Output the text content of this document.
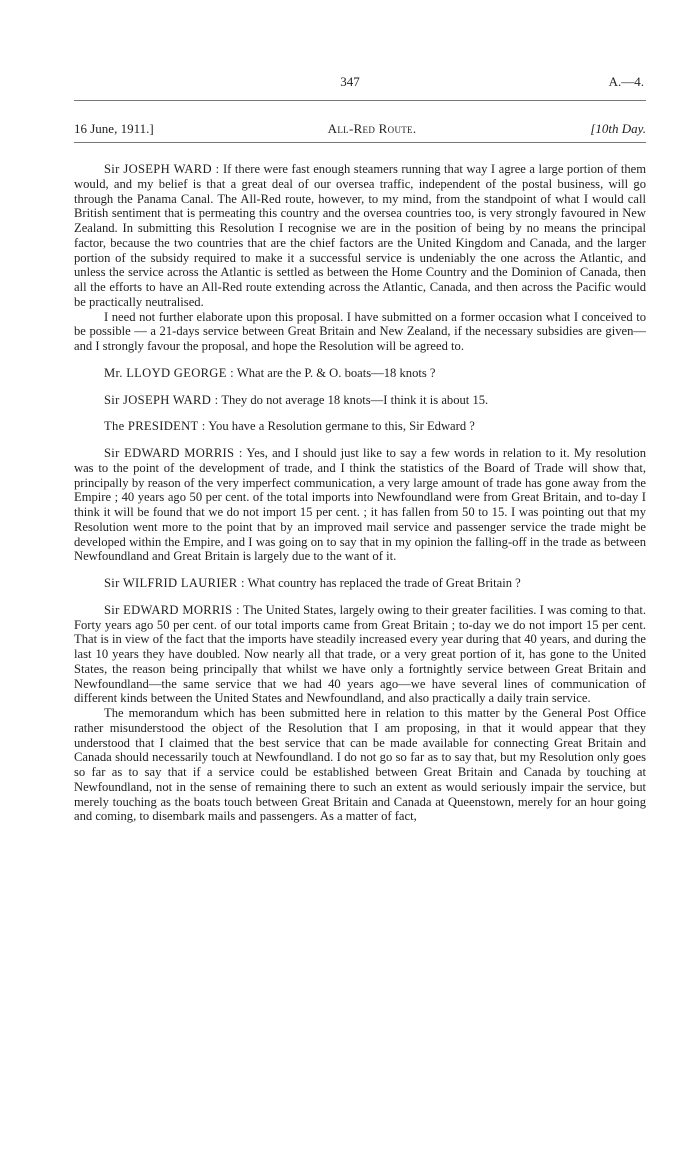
347	A.—4.
16 June, 1911.]	All-Red Route.	[10th Day.

Sir JOSEPH WARD : If there were fast enough steamers running that way I agree a large portion of them would, and my belief is that a great deal of our oversea traffic, independent of the postal business, will go through the Panama Canal. The All-Red route, however, to my mind, from the standpoint of what I would call British sentiment that is permeating this country and the oversea countries too, is very strongly favoured in New Zealand. In submitting this Resolution I recognise we are in the position of being by no means the principal factor, because the two countries that are the chief factors are the United Kingdom and Canada, and the larger portion of the subsidy required to make it a successful service is undeniably the one across the Atlantic, and unless the service across the Atlantic is settled as between the Home Country and the Dominion of Canada, then all the efforts to have an All-Red route extending across the Atlantic, Canada, and then across the Pacific would be practically neutralised.

I need not further elaborate upon this proposal. I have submitted on a former occasion what I conceived to be possible — a 21-days service between Great Britain and New Zealand, if the necessary subsidies are given—and I strongly favour the proposal, and hope the Resolution will be agreed to.

Mr. LLOYD GEORGE : What are the P. & O. boats—18 knots ?

Sir JOSEPH WARD : They do not average 18 knots—I think it is about 15.

The PRESIDENT : You have a Resolution germane to this, Sir Edward ?

Sir EDWARD MORRIS : Yes, and I should just like to say a few words in relation to it. My resolution was to the point of the development of trade, and I think the statistics of the Board of Trade will show that, principally by reason of the very imperfect communication, a very large amount of trade has gone away from the Empire ; 40 years ago 50 per cent. of the total imports into Newfoundland were from Great Britain, and to-day I think it will be found that we do not import 15 per cent. ; it has fallen from 50 to 15. I was pointing out that my Resolution went more to the point that by an improved mail service and passenger service the trade might be developed within the Empire, and I was going on to say that in my opinion the falling-off in the trade as between Newfoundland and Great Britain is largely due to the want of it.

Sir WILFRID LAURIER : What country has replaced the trade of Great Britain ?

Sir EDWARD MORRIS : The United States, largely owing to their greater facilities. I was coming to that. Forty years ago 50 per cent. of our total imports came from Great Britain ; to-day we do not import 15 per cent. That is in view of the fact that the imports have steadily increased every year during that 40 years, and during the last 10 years they have doubled. Now nearly all that trade, or a very great portion of it, has gone to the United States, the reason being principally that whilst we have only a fortnightly service between Great Britain and Newfoundland—the same service that we had 40 years ago—we have several lines of communication of different kinds between the United States and Newfoundland, and also practically a daily train service.

The memorandum which has been submitted here in relation to this matter by the General Post Office rather misunderstood the object of the Resolution that I am proposing, in that it would appear that they understood that I claimed that the best service that can be made available for connecting Great Britain and Canada should necessarily touch at Newfoundland. I do not go so far as to say that, but my Resolution only goes so far as to say that if a service could be established between Great Britain and Canada by touching at Newfoundland, not in the sense of remaining there to such an extent as would seriously impair the service, but merely touching as the boats touch between Great Britain and Canada at Queenstown, merely for an hour going and coming, to disembark mails and passengers. As a matter of fact,
